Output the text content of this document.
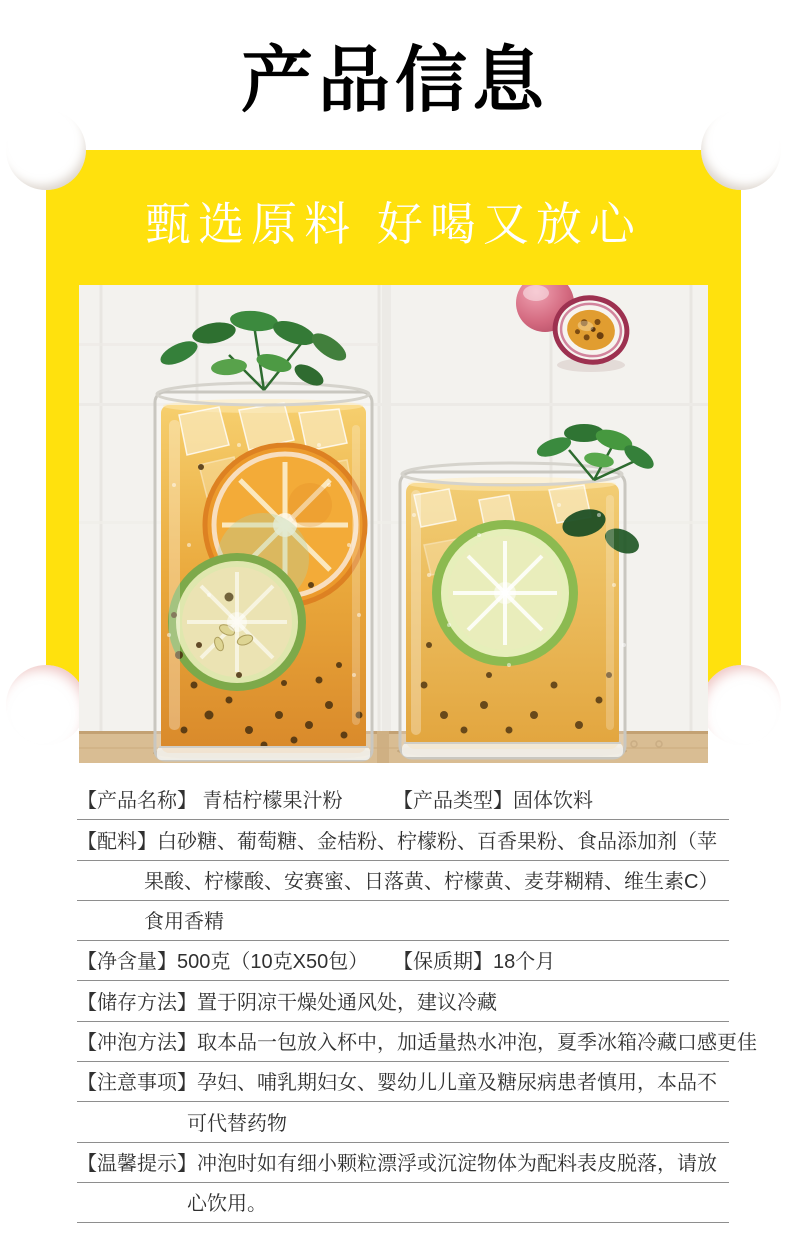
产品信息
甄选原料 好喝又放心
【产品名称】 青桔柠檬果汁粉	【产品类型】固体饮料
【配料】白砂糖、葡萄糖、金桔粉、柠檬粉、百香果粉、食品添加剂（苹
果酸、柠檬酸、安赛蜜、日落黄、柠檬黄、麦芽糊精、维生素C）
食用香精
【净含量】500克（10克X50包） 【保质期】18个月
【储存方法】置于阴凉干燥处通风处，建议冷藏
【冲泡方法】取本品一包放入杯中，加适量热水冲泡，夏季冰箱冷藏口感更佳
【注意事项】孕妇、哺乳期妇女、婴幼儿儿童及糖尿病患者慎用，本品不
可代替药物
【温馨提示】冲泡时如有细小颗粒漂浮或沉淀物体为配料表皮脱落，请放
心饮用。
